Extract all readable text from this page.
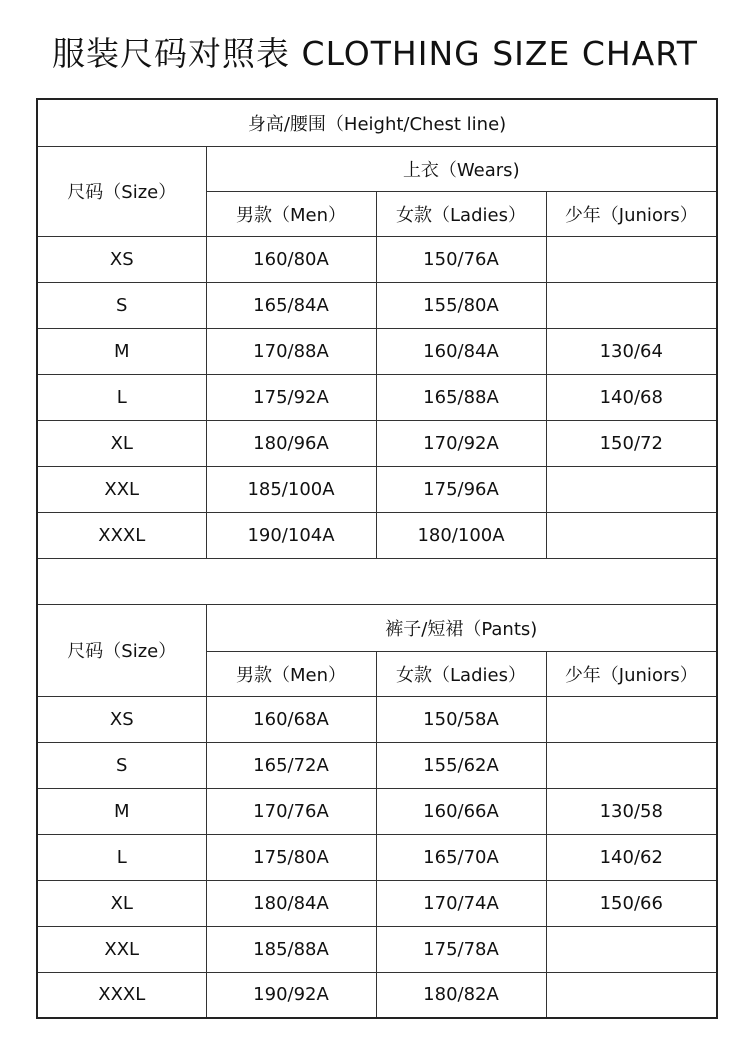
服装尺码对照表 CLOTHING SIZE CHART
身高/腰围（Height/Chest line)			
尺码（Size）	上衣（Wears)		
	男款（Men）	女款（Ladies）	少年（Juniors）
XS	160/80A	150/76A	
S	165/84A	155/80A	
M	170/88A	160/84A	130/64
L	175/92A	165/88A	140/68
XL	180/96A	170/92A	150/72
XXL	185/100A	175/96A	
XXXL	190/104A	180/100A	

尺码（Size）	裤子/短裙（Pants)		
	男款（Men）	女款（Ladies）	少年（Juniors）
XS	160/68A	150/58A	
S	165/72A	155/62A	
M	170/76A	160/66A	130/58
L	175/80A	165/70A	140/62
XL	180/84A	170/74A	150/66
XXL	185/88A	175/78A	
XXXL	190/92A	180/82A	
